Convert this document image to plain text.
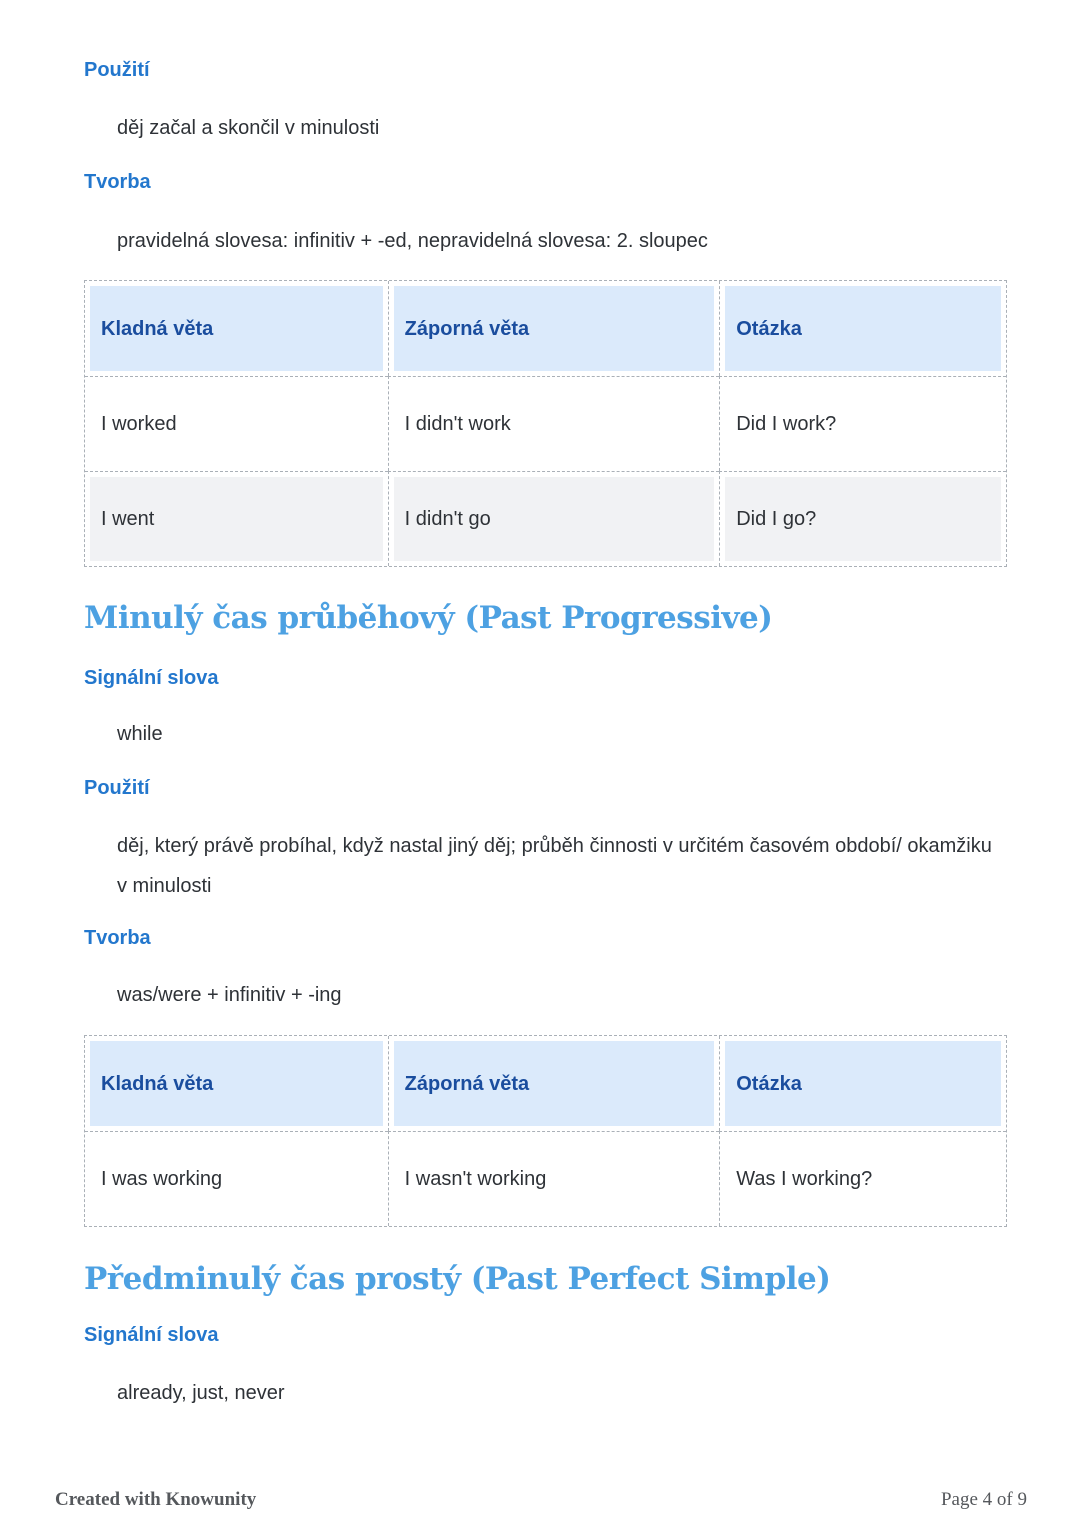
Použití

děj začal a skončil v minulosti

Tvorba

pravidelná slovesa: infinitiv + -ed, nepravidelná slovesa: 2. sloupec

Kladná věta	Záporná věta	Otázka
I worked	I didn't work	Did I work?
I went	I didn't go	Did I go?
Minulý čas průběhový (Past Progressive)
Signální slova

while

Použití

děj, který právě probíhal, když nastal jiný děj; průběh činnosti v určitém časovém období/ okamžiku v minulosti

Tvorba

was/were + infinitiv + -ing

Kladná věta	Záporná věta	Otázka
I was working	I wasn't working	Was I working?
Předminulý čas prostý (Past Perfect Simple)
Signální slova

already, just, never

Created with Knowunity	Page 4 of 9
